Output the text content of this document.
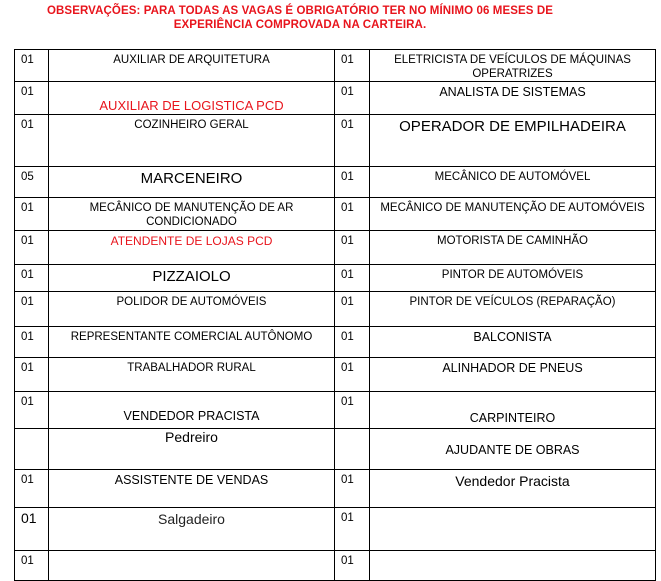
OBSERVAÇÕES: PARA TODAS AS VAGAS É OBRIGATÓRIO TER NO MÍNIMO 06 MESES DE
EXPERIÊNCIA COMPROVADA NA CARTEIRA.
01	AUXILIAR DE ARQUITETURA	01	ELETRICISTA DE VEÍCULOS DE MÁQUINAS
OPERATRIZES

01	AUXILIAR DE LOGISTICA PCD	01	ANALISTA DE SISTEMAS

01	COZINHEIRO GERAL	01	OPERADOR DE EMPILHADEIRA

05	MARCENEIRO	01	MECÂNICO DE AUTOMÓVEL

01	MECÂNICO DE MANUTENÇÃO DE AR
CONDICIONADO	01	MECÂNICO DE MANUTENÇÃO DE AUTOMÓVEIS

01	ATENDENTE DE LOJAS PCD	01	MOTORISTA DE CAMINHÃO

01	PIZZAIOLO	01	PINTOR DE AUTOMÓVEIS

01	POLIDOR DE AUTOMÓVEIS	01	PINTOR DE VEÍCULOS (REPARAÇÃO)

01	REPRESENTANTE COMERCIAL AUTÔNOMO	01	BALCONISTA

01	TRABALHADOR RURAL	01	ALINHADOR DE PNEUS

01	VENDEDOR PRACISTA	01	CARPINTEIRO

	Pedreiro		AJUDANTE DE OBRAS

01	ASSISTENTE DE VENDAS	01	Vendedor Pracista

01	Salgadeiro	01	

01		01	
